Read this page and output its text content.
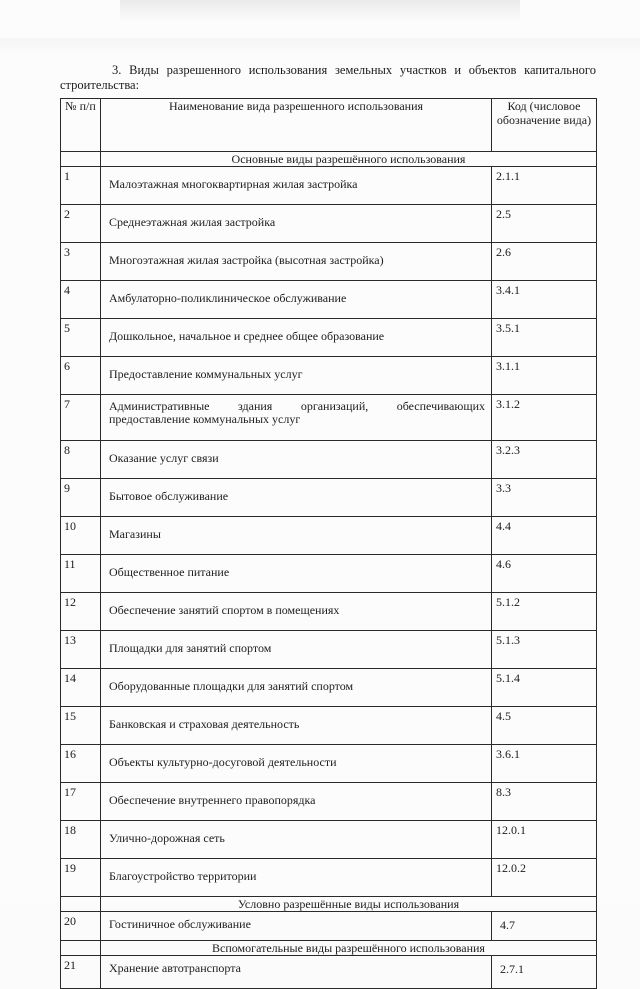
3. Виды разрешенного использования земельных участков и объектов капитального строительства:
№ п/п	Наименование вида разрешенного использования	Код (числовое обозначение вида)
	Основные виды разрешённого использования	
1	Малоэтажная многоквартирная жилая застройка	2.1.1
2	Среднеэтажная жилая застройка	2.5
3	Многоэтажная жилая застройка (высотная застройка)	2.6
4	Амбулаторно-поликлиническое обслуживание	3.4.1
5	Дошкольное, начальное и среднее общее образование	3.5.1
6	Предоставление коммунальных услуг	3.1.1
7	Административные здания организаций, обеспечивающих предоставление коммунальных услуг	3.1.2
8	Оказание услуг связи	3.2.3
9	Бытовое обслуживание	3.3
10	Магазины	4.4
11	Общественное питание	4.6
12	Обеспечение занятий спортом в помещениях	5.1.2
13	Площадки для занятий спортом	5.1.3
14	Оборудованные площадки для занятий спортом	5.1.4
15	Банковская и страховая деятельность	4.5
16	Объекты культурно-досуговой деятельности	3.6.1
17	Обеспечение внутреннего правопорядка	8.3
18	Улично-дорожная сеть	12.0.1
19	Благоустройство территории	12.0.2
	Условно разрешённые виды использования	
20	Гостиничное обслуживание	4.7
	Вспомогательные виды разрешённого использования	
21	Хранение автотранспорта	2.7.1
